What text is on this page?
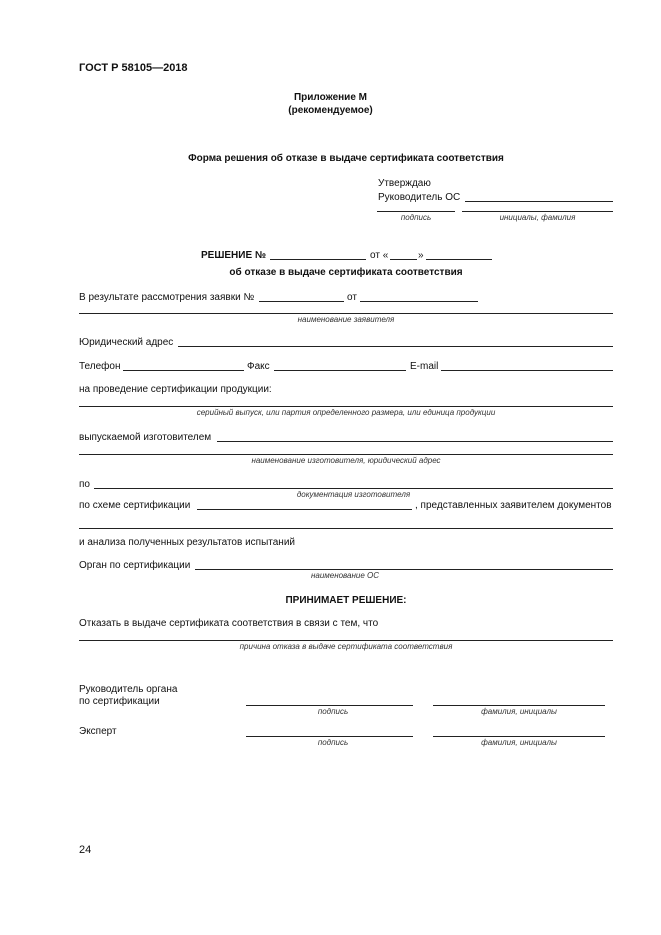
ГОСТ Р 58105—2018
Приложение М
(рекомендуемое)
Форма решения об отказе в выдаче сертификата соответствия
Утверждаю
Руководитель ОС
подпись	инициалы, фамилия
РЕШЕНИЕ №	от «	»
об отказе в выдаче сертификата соответствия
В результате рассмотрения заявки №	от
наименование заявителя
Юридический адрес
Телефон	Факс	E-mail
на проведение сертификации продукции:
серийный выпуск, или партия определенного размера, или единица продукции
выпускаемой изготовителем
наименование изготовителя, юридический адрес
по
документация изготовителя
по схеме сертификации	, представленных заявителем документов
и анализа полученных результатов испытаний
Орган по сертификации
наименование ОС
ПРИНИМАЕТ РЕШЕНИЕ:
Отказать в выдаче сертификата соответствия в связи с тем, что
причина отказа в выдаче сертификата соответствия
Руководитель органа
по сертификации
подпись	фамилия, инициалы
Эксперт
подпись	фамилия, инициалы
24
